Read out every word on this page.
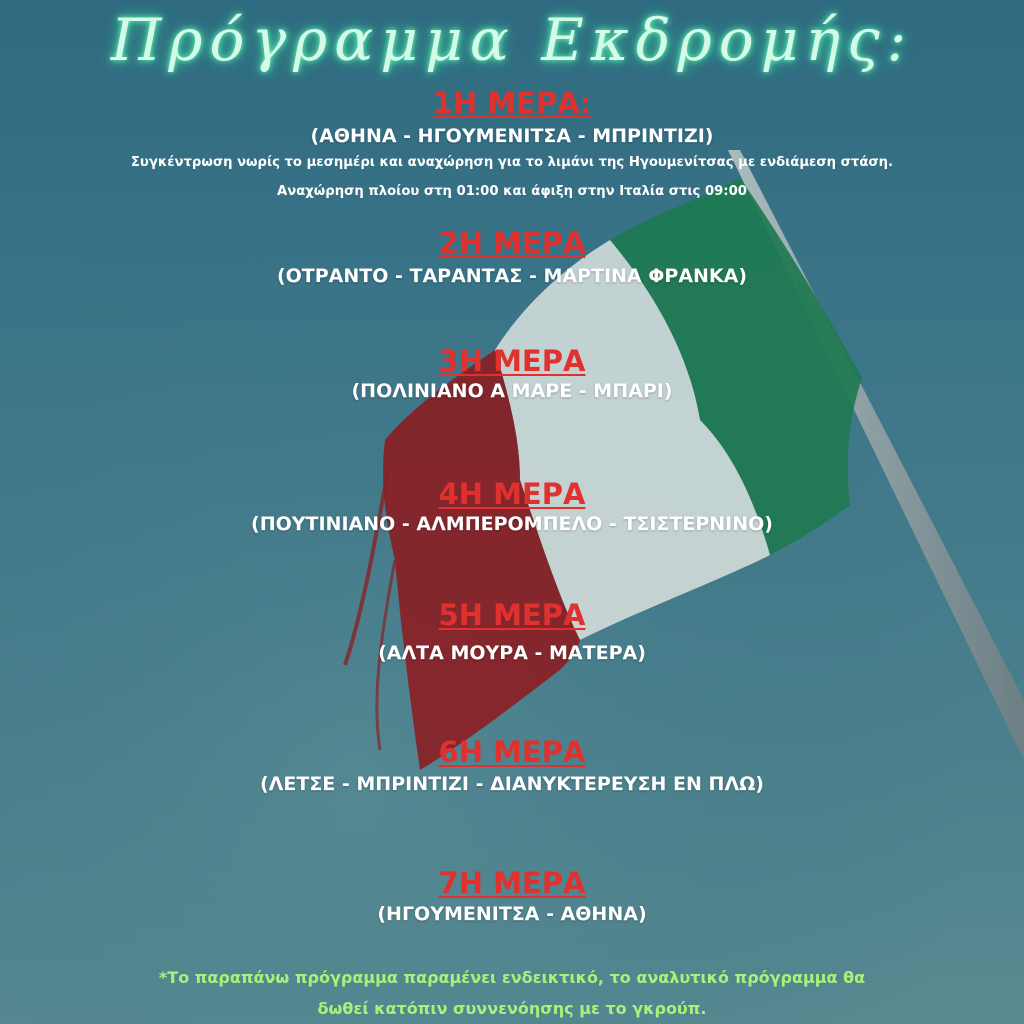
Πρόγραμμα Εκδρομής:
1Η ΜΕΡΑ:
(ΑΘΗΝΑ - ΗΓΟΥΜΕΝΙΤΣΑ - ΜΠΡΙΝΤΙΖΙ)
Συγκέντρωση νωρίς το μεσημέρι και αναχώρηση για το λιμάνι της Ηγουμενίτσας με ενδιάμεση στάση.
Αναχώρηση πλοίου στη 01:00 και άφιξη στην Ιταλία στις 09:00
2Η ΜΕΡΑ
(ΟΤΡΑΝΤΟ - ΤΑΡΑΝΤΑΣ - ΜΑΡΤΙΝΑ ΦΡΑΝΚΑ)
3Η ΜΕΡΑ
(ΠΟΛΙΝΙΑΝΟ Α ΜΑΡΕ - ΜΠΑΡΙ)
4Η ΜΕΡΑ
(ΠΟΥΤΙΝΙΑΝΟ - ΑΛΜΠΕΡΟΜΠΕΛΟ - ΤΣΙΣΤΕΡΝΙΝΟ)
5Η ΜΕΡΑ
(ΑΛΤΑ ΜΟΥΡΑ - ΜΑΤΕΡΑ)
6Η ΜΕΡΑ
(ΛΕΤΣΕ - ΜΠΡΙΝΤΙΖΙ - ΔΙΑΝΥΚΤΕΡΕΥΣΗ ΕΝ ΠΛΩ)
7Η ΜΕΡΑ
(ΗΓΟΥΜΕΝΙΤΣΑ - ΑΘΗΝΑ)
*Το παραπάνω πρόγραμμα παραμένει ενδεικτικό, το αναλυτικό πρόγραμμα θα
δωθεί κατόπιν συννενόησης με το γκρούπ.
